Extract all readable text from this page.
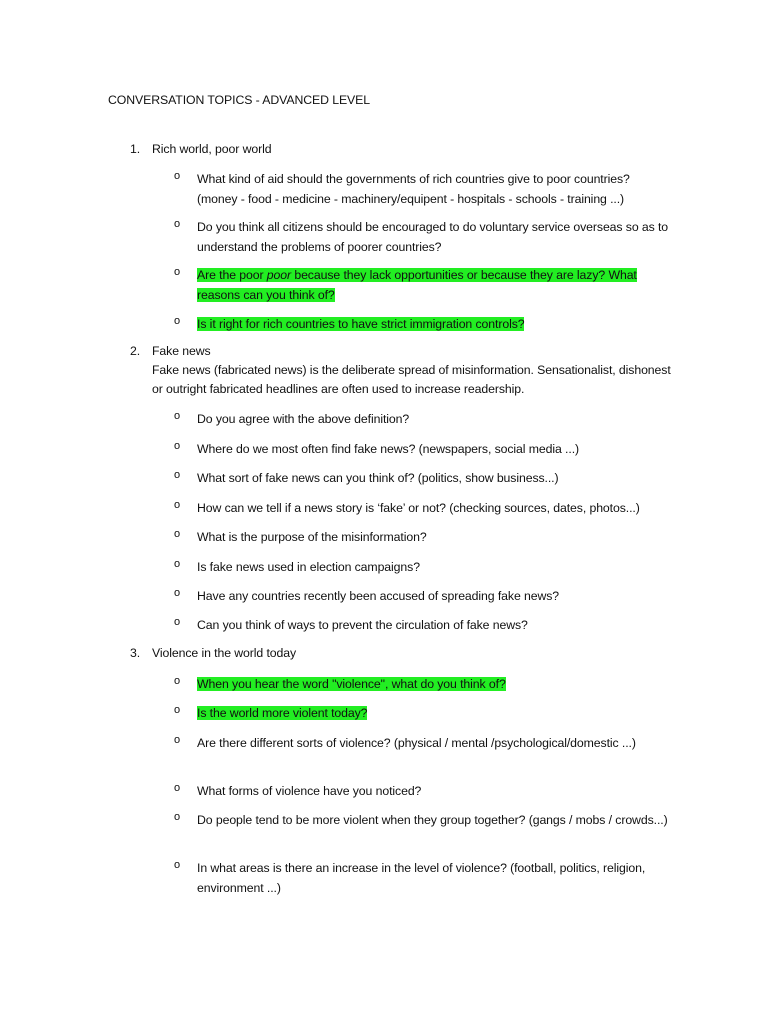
CONVERSATION TOPICS - ADVANCED LEVEL
1. Rich world, poor world
o What kind of aid should the governments of rich countries give to poor countries? (money - food - medicine - machinery/equipent - hospitals - schools - training ...)
o Do you think all citizens should be encouraged to do voluntary service overseas so as to understand the problems of poorer countries?
o Are the poor poor because they lack opportunities or because they are lazy? What reasons can you think of?
o Is it right for rich countries to have strict immigration controls?
2. Fake news
Fake news (fabricated news) is the deliberate spread of misinformation. Sensationalist, dishonest or outright fabricated headlines are often used to increase readership.
o Do you agree with the above definition?
o Where do we most often find fake news? (newspapers, social media ...)
o What sort of fake news can you think of? (politics, show business...)
o How can we tell if a news story is ‘fake’ or not? (checking sources, dates, photos...)
o What is the purpose of the misinformation?
o Is fake news used in election campaigns?
o Have any countries recently been accused of spreading fake news?
o Can you think of ways to prevent the circulation of fake news?
3. Violence in the world today
o When you hear the word "violence", what do you think of?
o Is the world more violent today?
o Are there different sorts of violence? (physical / mental /psychological/domestic ...)
o What forms of violence have you noticed?
o Do people tend to be more violent when they group together? (gangs / mobs / crowds...)
o In what areas is there an increase in the level of violence? (football, politics, religion, environment ...)
